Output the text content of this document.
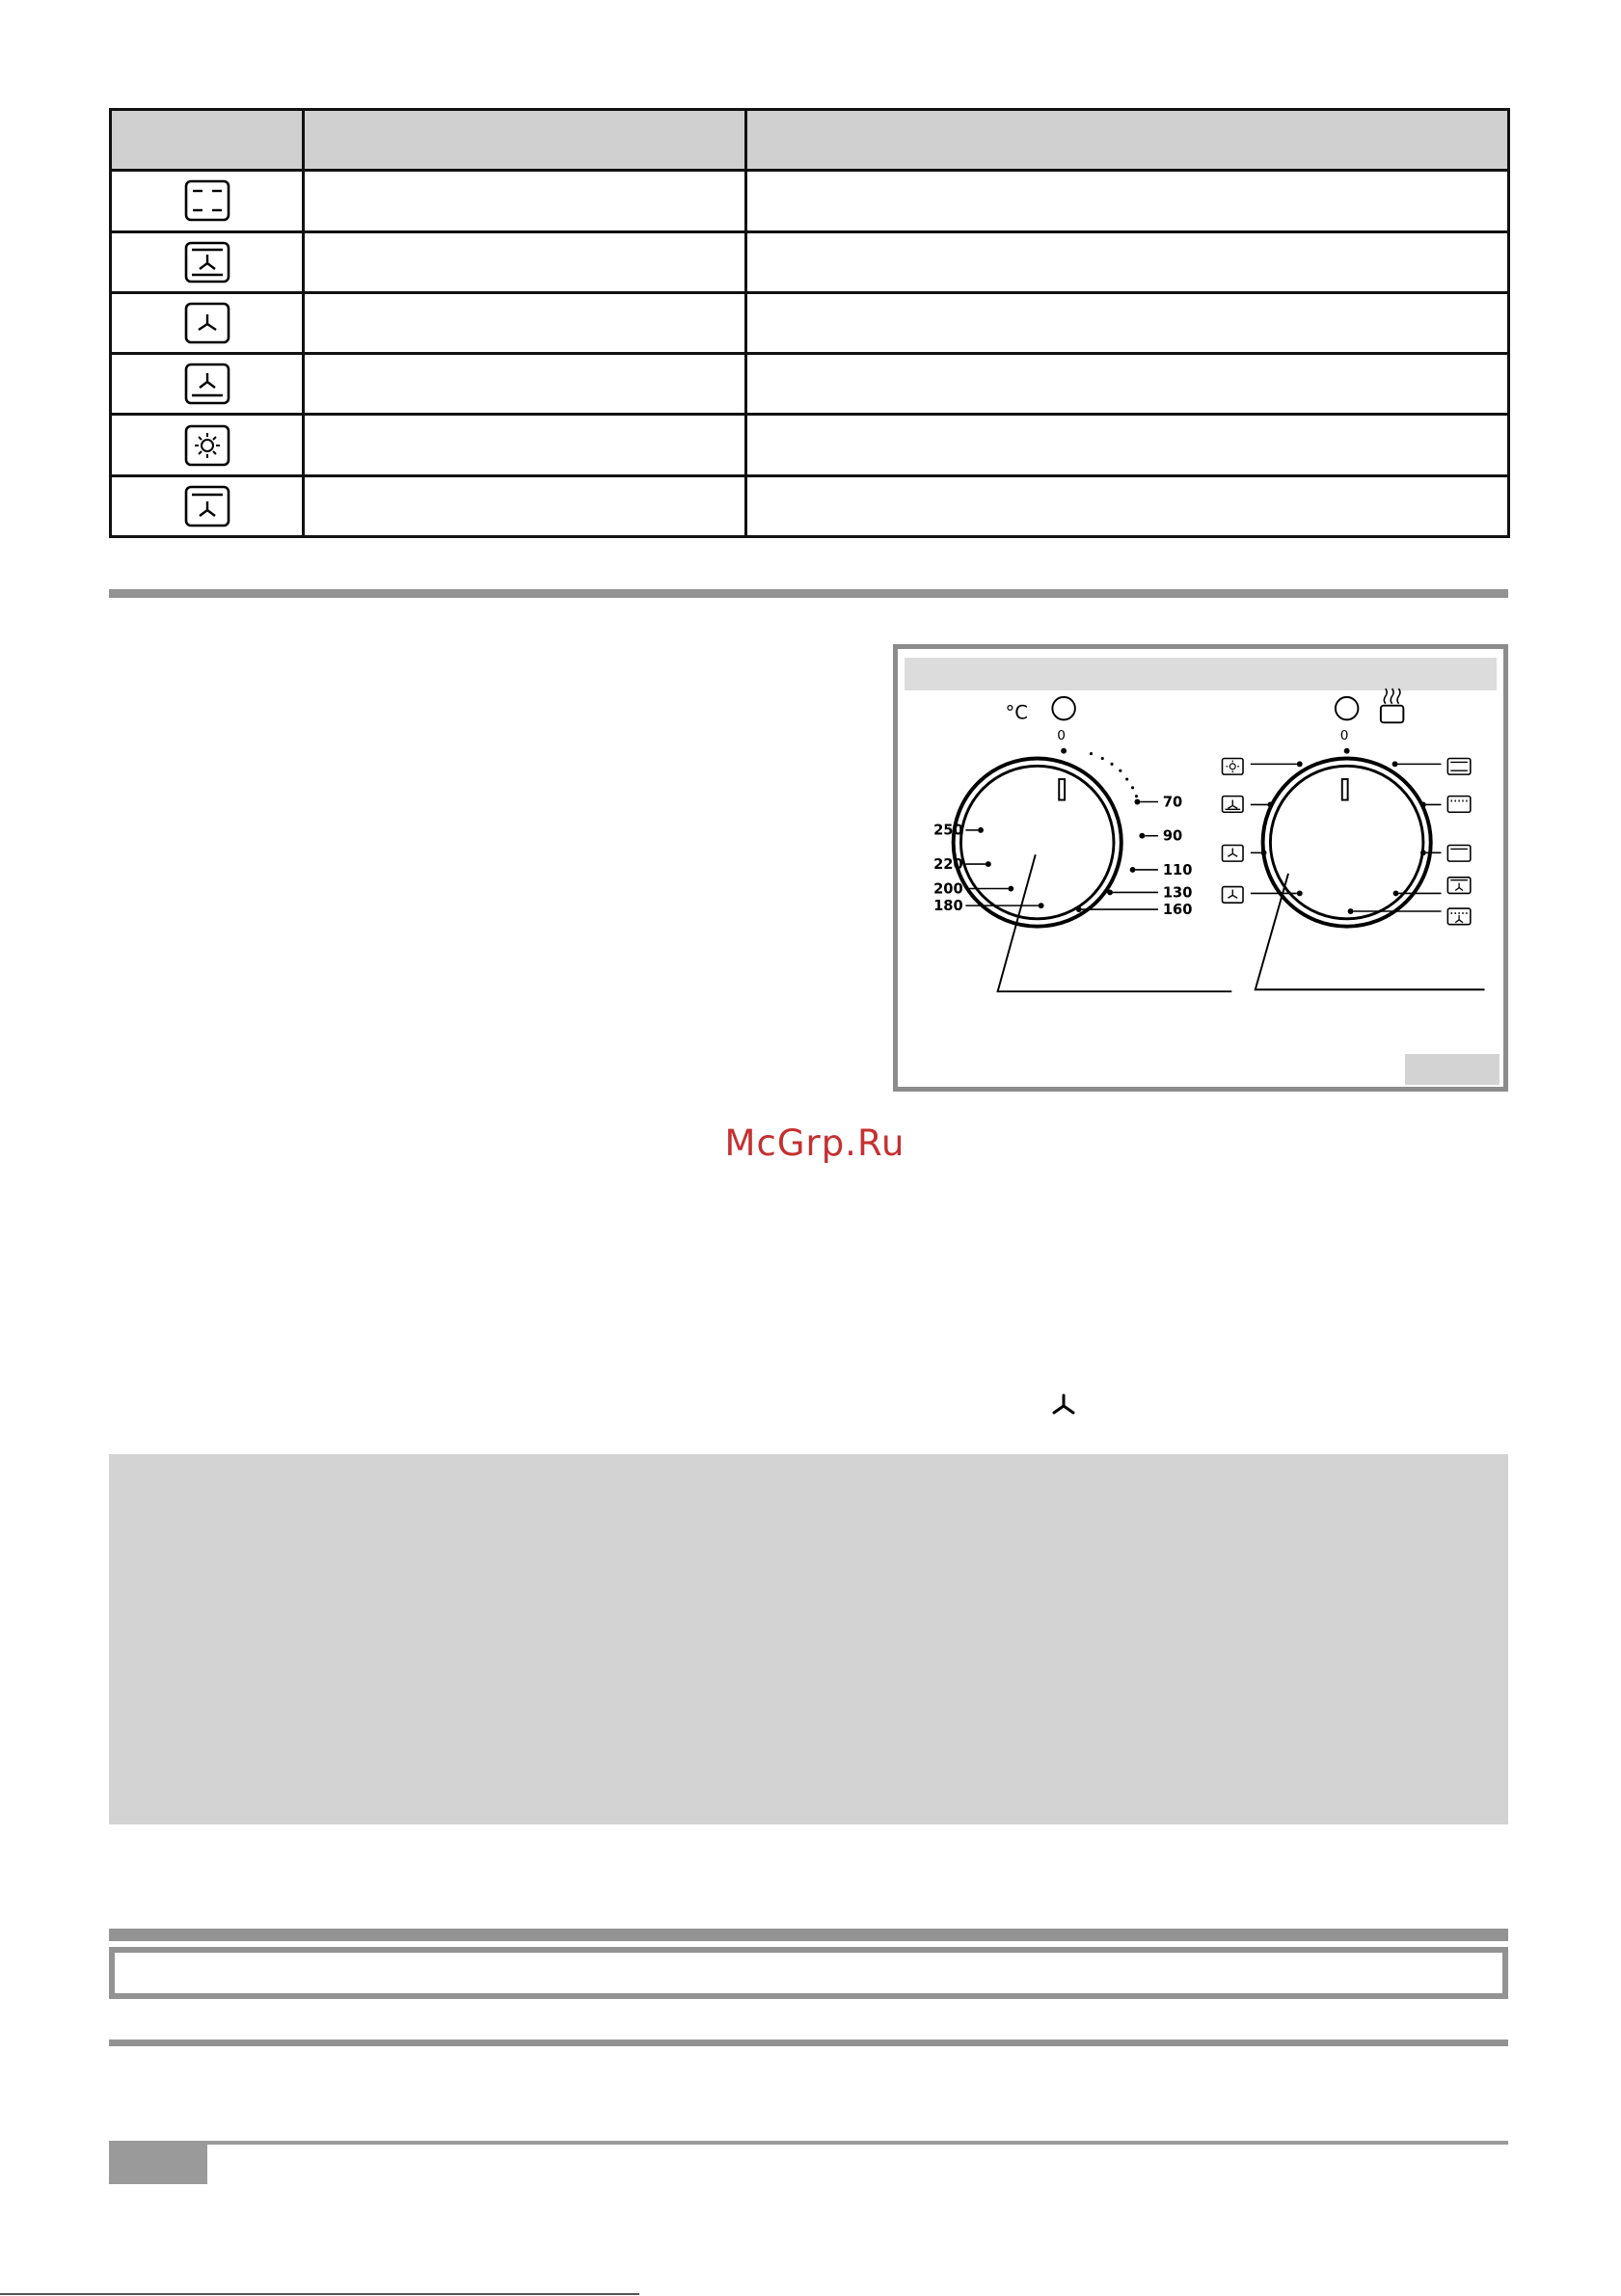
°C
0	0
70
90
110
130
160
250
220
200
180
McGrp.Ru
